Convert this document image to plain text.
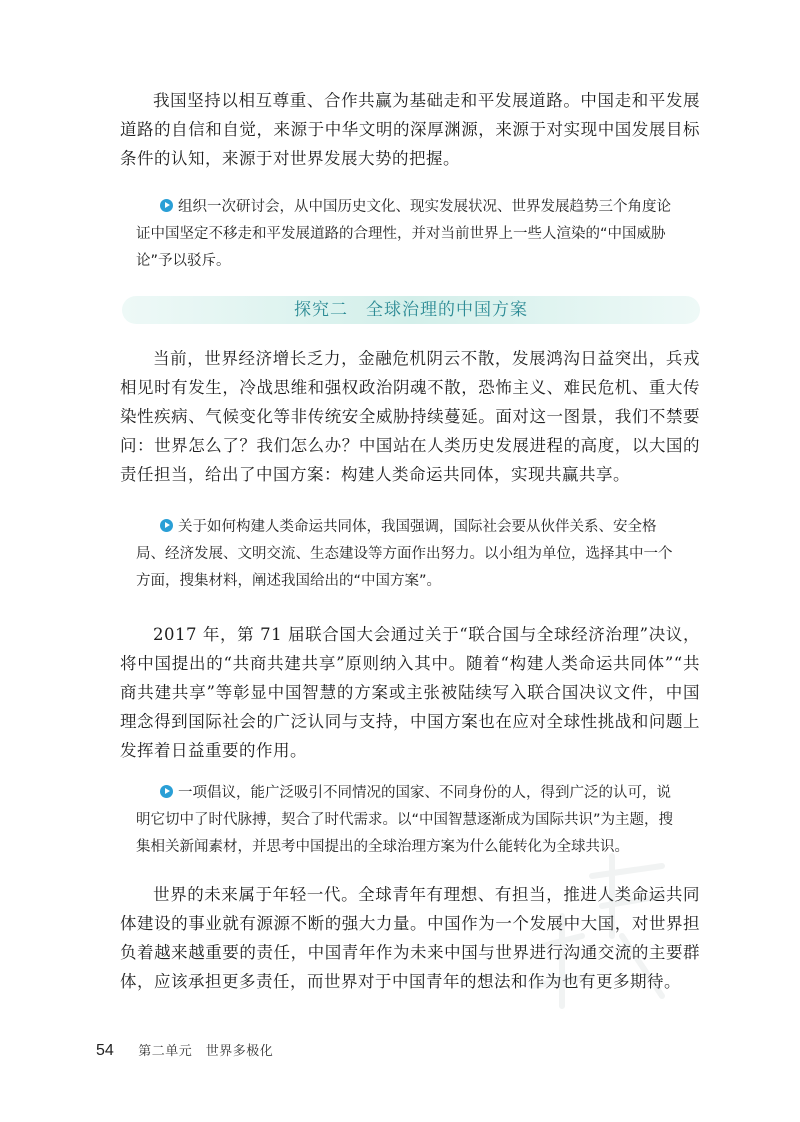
我国坚持以相互尊重、合作共赢为基础走和平发展道路。中国走和平发展道路的自信和自觉，来源于中华文明的深厚渊源，来源于对实现中国发展目标条件的认知，来源于对世界发展大势的把握。

组织一次研讨会，从中国历史文化、现实发展状况、世界发展趋势三个角度论证中国坚定不移走和平发展道路的合理性，并对当前世界上一些人渲染的“中国威胁论”予以驳斥。

探究二 全球治理的中国方案

当前，世界经济增长乏力，金融危机阴云不散，发展鸿沟日益突出，兵戎相见时有发生，冷战思维和强权政治阴魂不散，恐怖主义、难民危机、重大传染性疾病、气候变化等非传统安全威胁持续蔓延。面对这一图景，我们不禁要问：世界怎么了？我们怎么办？中国站在人类历史发展进程的高度，以大国的责任担当，给出了中国方案：构建人类命运共同体，实现共赢共享。

关于如何构建人类命运共同体，我国强调，国际社会要从伙伴关系、安全格局、经济发展、文明交流、生态建设等方面作出努力。以小组为单位，选择其中一个方面，搜集材料，阐述我国给出的“中国方案”。

2017 年，第 71 届联合国大会通过关于“联合国与全球经济治理”决议，将中国提出的“共商共建共享”原则纳入其中。随着“构建人类命运共同体”“共商共建共享”等彰显中国智慧的方案或主张被陆续写入联合国决议文件，中国理念得到国际社会的广泛认同与支持，中国方案也在应对全球性挑战和问题上发挥着日益重要的作用。

一项倡议，能广泛吸引不同情况的国家、不同身份的人，得到广泛的认可，说明它切中了时代脉搏，契合了时代需求。以“中国智慧逐渐成为国际共识”为主题，搜集相关新闻素材，并思考中国提出的全球治理方案为什么能转化为全球共识。

世界的未来属于年轻一代。全球青年有理想、有担当，推进人类命运共同体建设的事业就有源源不断的强大力量。中国作为一个发展中大国，对世界担负着越来越重要的责任，中国青年作为未来中国与世界进行沟通交流的主要群体，应该承担更多责任，而世界对于中国青年的想法和作为也有更多期待。

54 第二单元　世界多极化
